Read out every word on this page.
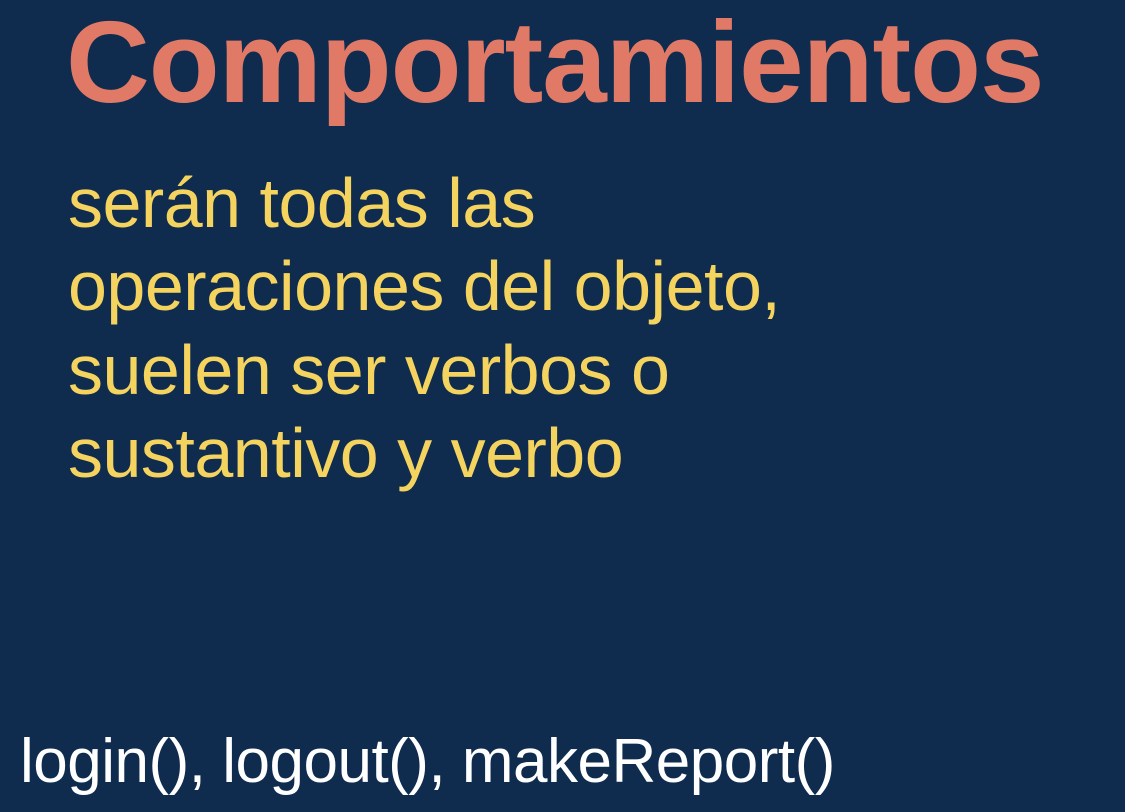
Comportamientos

serán todas las
operaciones del objeto,
suelen ser verbos o
sustantivo y verbo

login(), logout(), makeReport()
